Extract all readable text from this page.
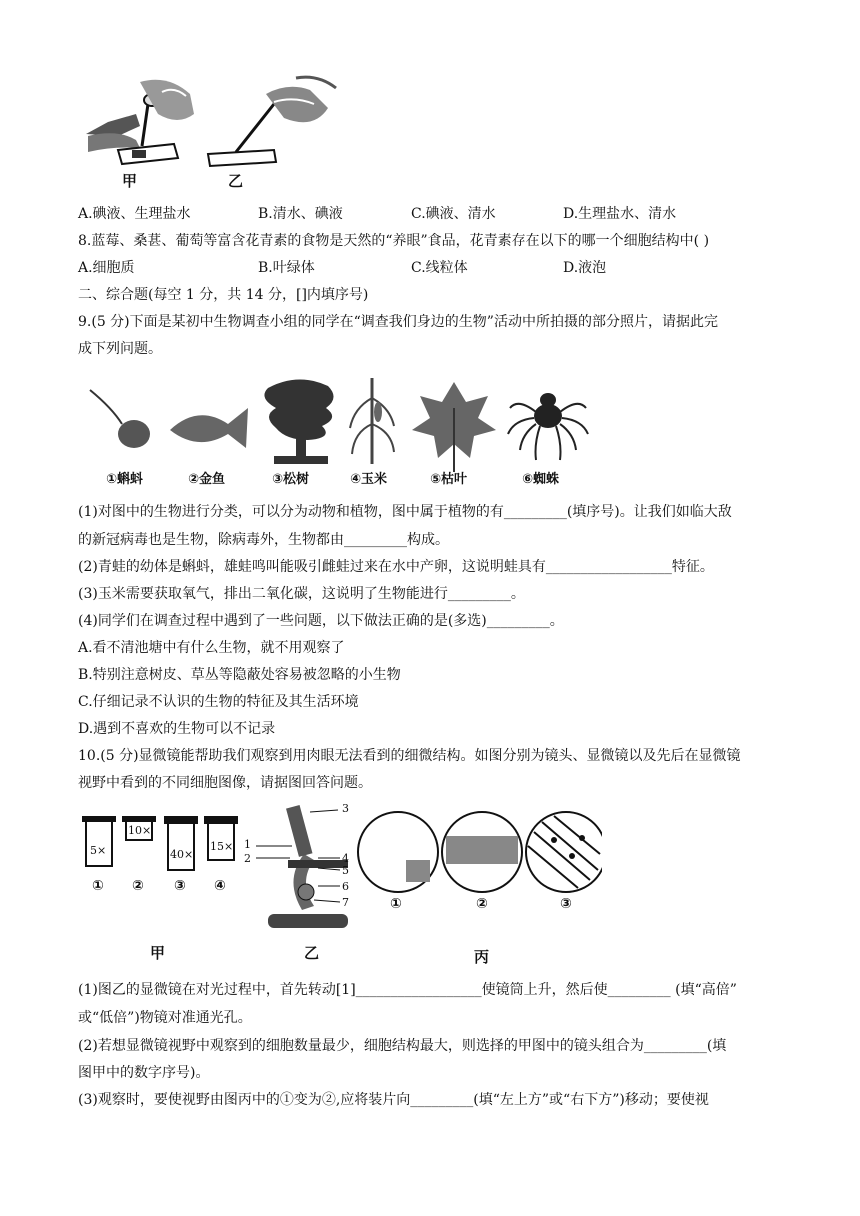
甲	乙
A.碘液、生理盐水	B.清水、碘液	C.碘液、清水	D.生理盐水、清水
8.蓝莓、桑葚、葡萄等富含花青素的食物是天然的“养眼”食品，花青素存在以下的哪一个细胞结构中( )
A.细胞质	B.叶绿体	C.线粒体	D.液泡
二、综合题(每空 1 分，共 14 分，[]内填序号)
9.(5 分)下面是某初中生物调查小组的同学在“调查我们身边的生物”活动中所拍摄的部分照片，请据此完
成下列问题。
①蝌蚪	②金鱼	③松树	④玉米	⑤枯叶	⑥蜘蛛
(1)对图中的生物进行分类，可以分为动物和植物，图中属于植物的有_________(填序号)。让我们如临大敌
的新冠病毒也是生物，除病毒外，生物都由_________构成。
(2)青蛙的幼体是蝌蚪，雄蛙鸣叫能吸引雌蛙过来在水中产卵，这说明蛙具有__________________特征。
(3)玉米需要获取氧气，排出二氧化碳，这说明了生物能进行_________。
(4)同学们在调查过程中遇到了一些问题，以下做法正确的是(多选)_________。
A.看不清池塘中有什么生物，就不用观察了
B.特别注意树皮、草丛等隐蔽处容易被忽略的小生物
C.仔细记录不认识的生物的特征及其生活环境
D.遇到不喜欢的生物可以不记录
10.(5 分)显微镜能帮助我们观察到用肉眼无法看到的细微结构。如图分别为镜头、显微镜以及先后在显微镜
视野中看到的不同细胞图像，请据图回答问题。
5×
10×
40×
15×
① ② ③ ④
1
2
3
4
5
6
7	①	②	③
甲	乙	丙
(1)图乙的显微镜在对光过程中，首先转动[1]__________________使镜筒上升，然后使_________ (填“高倍”
或“低倍”)物镜对准通光孔。
(2)若想显微镜视野中观察到的细胞数量最少，细胞结构最大，则选择的甲图中的镜头组合为_________(填
图甲中的数字序号)。
(3)观察时，要使视野由图丙中的①变为②,应将装片向_________(填“左上方”或“右下方”)移动；要使视
